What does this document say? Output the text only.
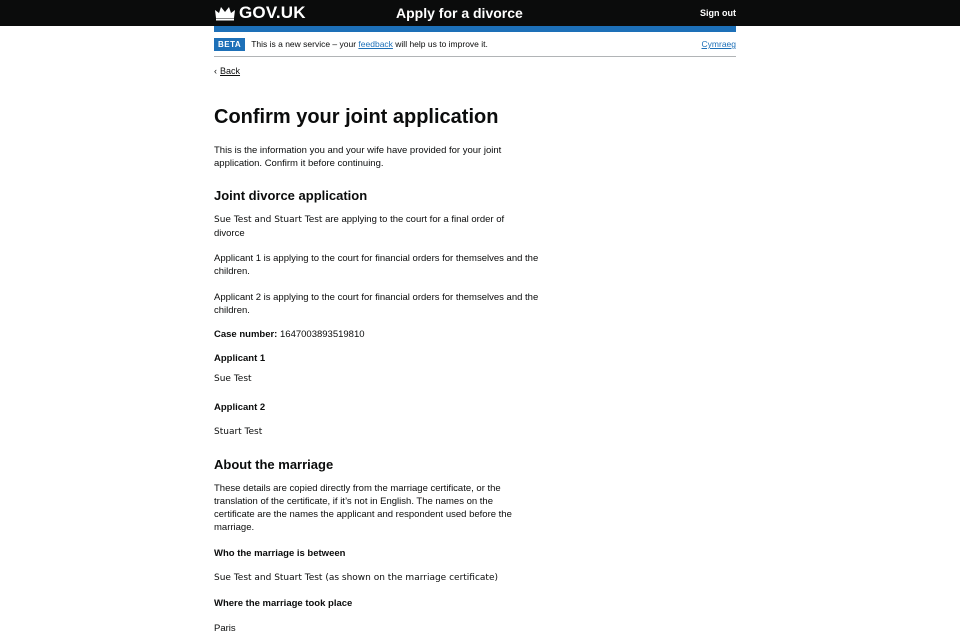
GOV.UK	Apply for a divorce	Sign out
BETA	This is a new service – your feedback will help us to improve it.	Cymraeg
‹ Back
Confirm your joint application

This is the information you and your wife have provided for your joint application. Confirm it before continuing.

Joint divorce application

Sue Test and Stuart Test are applying to the court for a final order of divorce

Applicant 1 is applying to the court for financial orders for themselves and the children.

Applicant 2 is applying to the court for financial orders for themselves and the children.

Case number: 1647003893519810

Applicant 1

Sue Test

Applicant 2

Stuart Test

About the marriage

These details are copied directly from the marriage certificate, or the translation of the certificate, if it’s not in English. The names on the certificate are the names the applicant and respondent used before the marriage.

Who the marriage is between

Sue Test and Stuart Test (as shown on the marriage certificate)

Where the marriage took place

Paris
